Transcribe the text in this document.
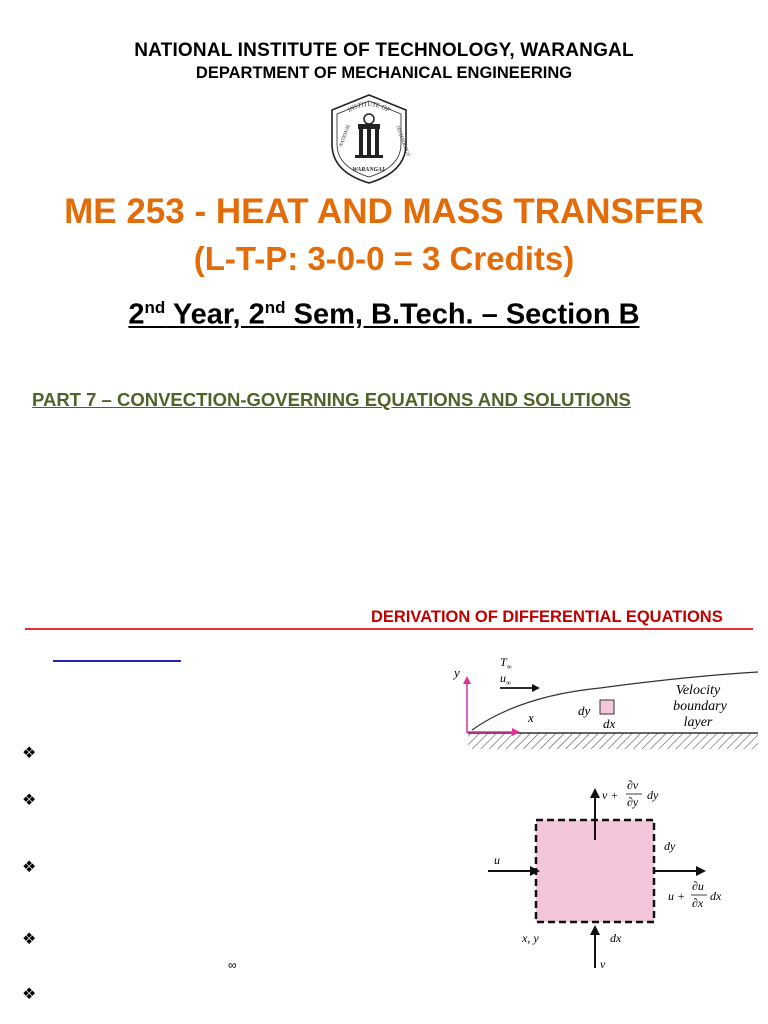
NATIONAL INSTITUTE OF TECHNOLOGY, WARANGAL
DEPARTMENT OF MECHANICAL ENGINEERING
INSTITUTE OF
NATIONAL	TECHNOLOGY
WARANGAL
ME 253 - HEAT AND MASS TRANSFER
(L-T-P: 3-0-0 = 3 Credits)
2nd Year, 2nd Sem, B.Tech. – Section B
PART 7 – CONVECTION-GOVERNING EQUATIONS AND SOLUTIONS
DERIVATION OF DIFFERENTIAL EQUATIONS
❖
❖
❖
❖
❖
∞
y
$T_\infty$
$u_\infty$
x	dy
dx
Velocity
boundary
layer
v +
∂v
∂y dy
dy
u
u +
∂u
∂x dx
x, y	dx
v
